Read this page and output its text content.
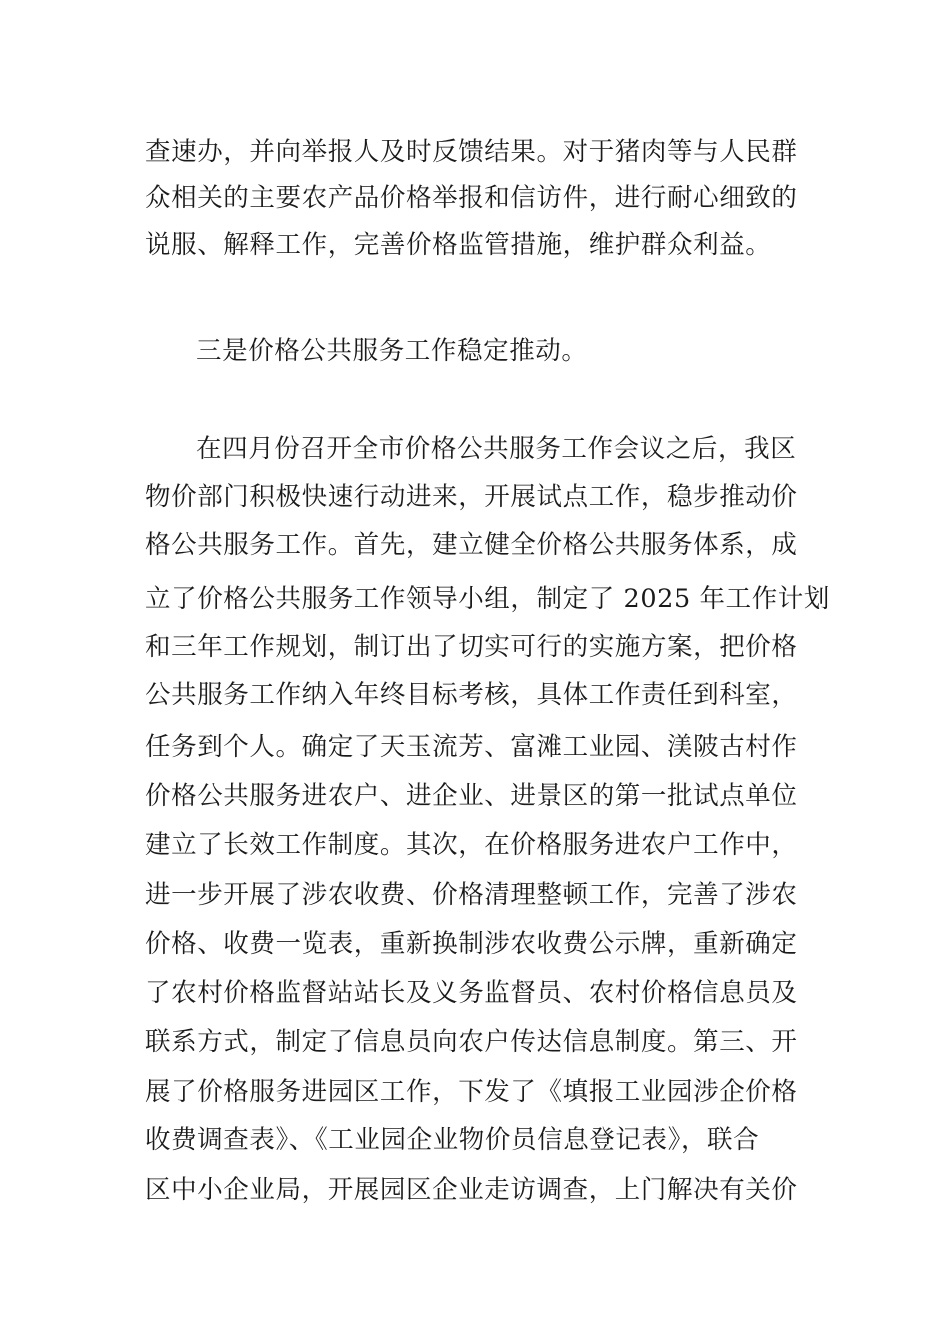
查速办，并向举报人及时反馈结果。对于猪肉等与人民群
众相关的主要农产品价格举报和信访件，进行耐心细致的
说服、解释工作，完善价格监管措施，维护群众利益。
三是价格公共服务工作稳定推动。
在四月份召开全市价格公共服务工作会议之后，我区
物价部门积极快速行动进来，开展试点工作，稳步推动价
格公共服务工作。首先，建立健全价格公共服务体系，成
立了价格公共服务工作领导小组，制定了 2025 年工作计划
和三年工作规划，制订出了切实可行的实施方案，把价格
公共服务工作纳入年终目标考核，具体工作责任到科室，
任务到个人。确定了天玉流芳、富滩工业园、渼陂古村作
价格公共服务进农户、进企业、进景区的第一批试点单位
建立了长效工作制度。其次，在价格服务进农户工作中，
进一步开展了涉农收费、价格清理整顿工作，完善了涉农
价格、收费一览表，重新换制涉农收费公示牌，重新确定
了农村价格监督站站长及义务监督员、农村价格信息员及
联系方式，制定了信息员向农户传达信息制度。第三、开
展了价格服务进园区工作，下发了《填报工业园涉企价格
收费调查表》、《工业园企业物价员信息登记表》，联合
区中小企业局，开展园区企业走访调查，上门解决有关价
